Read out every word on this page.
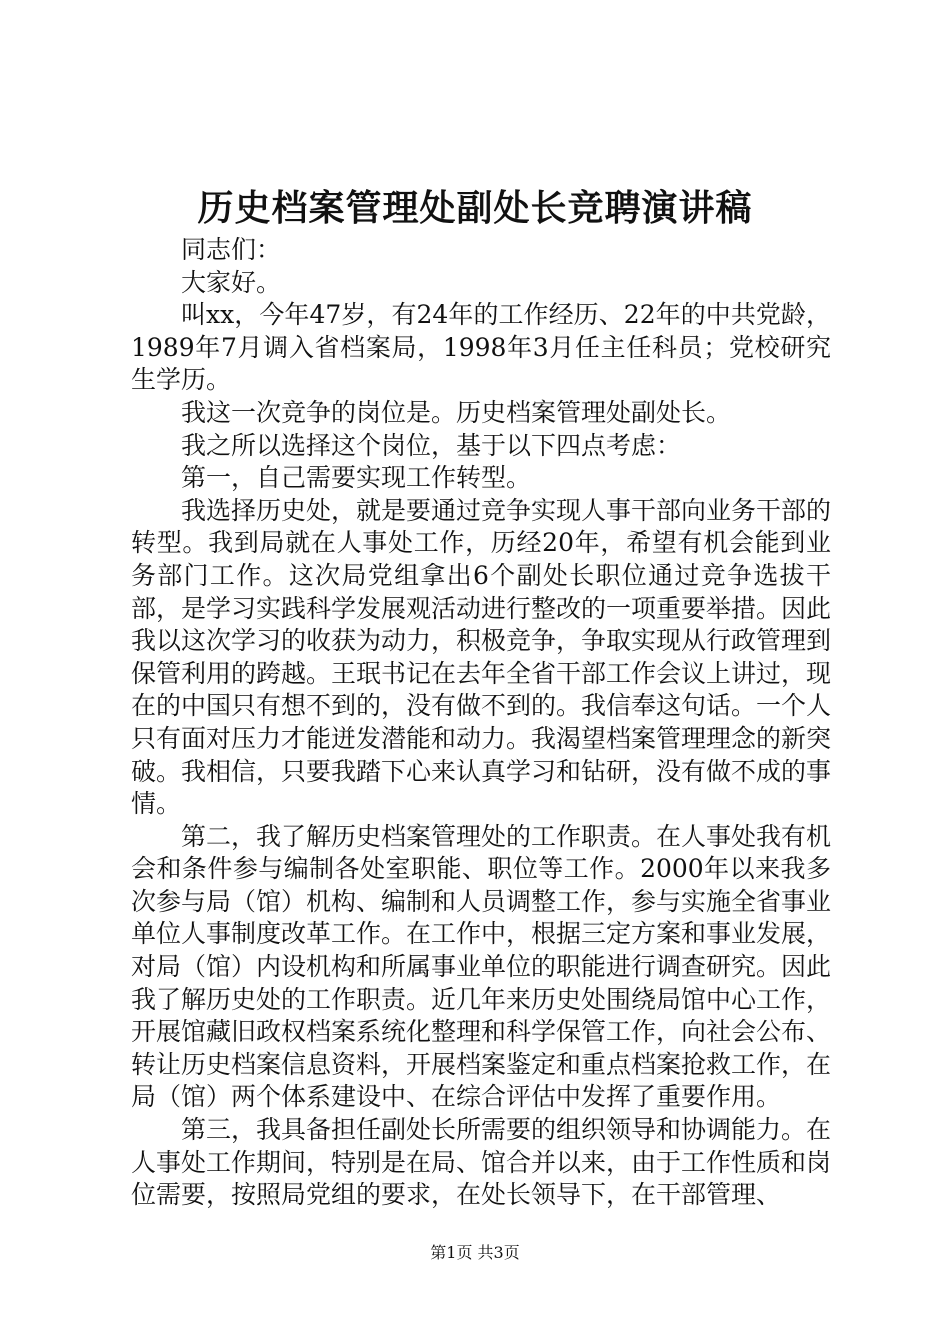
历史档案管理处副处长竞聘演讲稿

同志们：

大家好。

叫xx，今年47岁，有24年的工作经历、22年的中共党龄，1989年7月调入省档案局，1998年3月任主任科员；党校研究生学历。

我这一次竞争的岗位是。历史档案管理处副处长。

我之所以选择这个岗位，基于以下四点考虑：

第一，自己需要实现工作转型。

我选择历史处，就是要通过竞争实现人事干部向业务干部的转型。我到局就在人事处工作，历经20年，希望有机会能到业务部门工作。这次局党组拿出6个副处长职位通过竞争选拔干部，是学习实践科学发展观活动进行整改的一项重要举措。因此我以这次学习的收获为动力，积极竞争，争取实现从行政管理到保管利用的跨越。王珉书记在去年全省干部工作会议上讲过，现在的中国只有想不到的，没有做不到的。我信奉这句话。一个人只有面对压力才能迸发潜能和动力。我渴望档案管理理念的新突破。我相信，只要我踏下心来认真学习和钻研，没有做不成的事情。

第二，我了解历史档案管理处的工作职责。在人事处我有机会和条件参与编制各处室职能、职位等工作。2000年以来我多次参与局（馆）机构、编制和人员调整工作，参与实施全省事业单位人事制度改革工作。在工作中，根据三定方案和事业发展，对局（馆）内设机构和所属事业单位的职能进行调查研究。因此我了解历史处的工作职责。近几年来历史处围绕局馆中心工作，开展馆藏旧政权档案系统化整理和科学保管工作，向社会公布、转让历史档案信息资料，开展档案鉴定和重点档案抢救工作，在局（馆）两个体系建设中、在综合评估中发挥了重要作用。

第三，我具备担任副处长所需要的组织领导和协调能力。在人事处工作期间，特别是在局、馆合并以来，由于工作性质和岗位需要，按照局党组的要求，在处长领导下，在干部管理、

第1页 共3页
